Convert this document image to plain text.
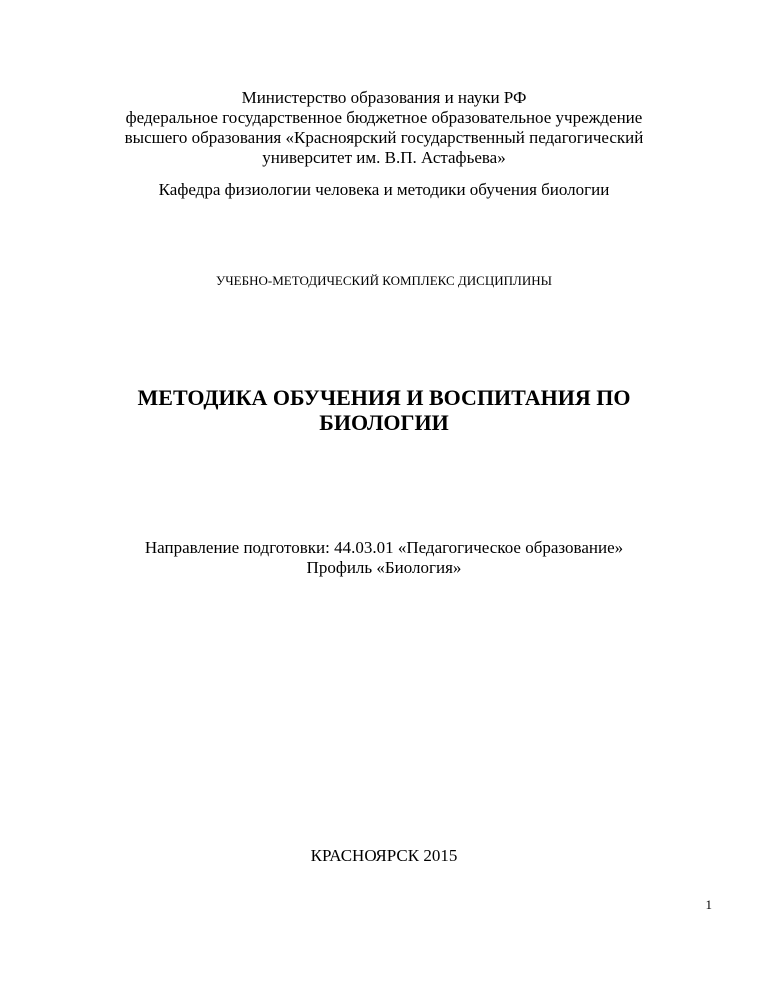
Министерство образования и науки РФ
федеральное государственное бюджетное образовательное учреждение
высшего образования «Красноярский государственный педагогический
университет им. В.П. Астафьева»
Кафедра физиологии человека и методики обучения биологии
УЧЕБНО-МЕТОДИЧЕСКИЙ КОМПЛЕКС ДИСЦИПЛИНЫ
МЕТОДИКА ОБУЧЕНИЯ И ВОСПИТАНИЯ ПО
БИОЛОГИИ
Направление подготовки: 44.03.01 «Педагогическое образование»
Профиль «Биология»
КРАСНОЯРСК 2015
1
